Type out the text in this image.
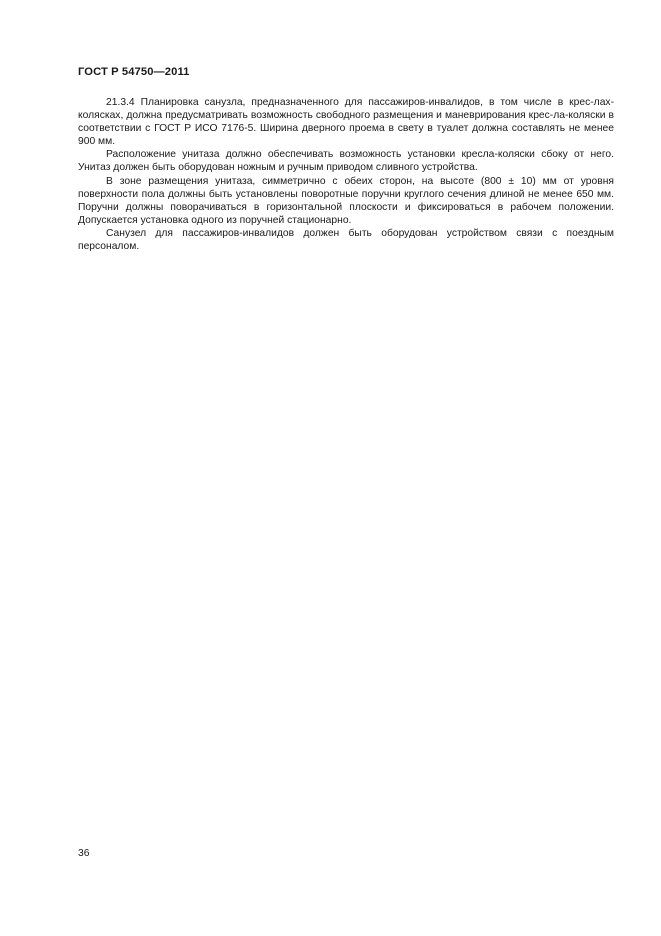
ГОСТ Р 54750—2011

21.3.4 Планировка санузла, предназначенного для пассажиров-инвалидов, в том числе в крес-лах-колясках, должна предусматривать возможность свободного размещения и маневрирования крес-ла-коляски в соответствии с ГОСТ Р ИСО 7176-5. Ширина дверного проема в свету в туалет должна составлять не менее 900 мм.

Расположение унитаза должно обеспечивать возможность установки кресла-коляски сбоку от него. Унитаз должен быть оборудован ножным и ручным приводом сливного устройства.

В зоне размещения унитаза, симметрично с обеих сторон, на высоте (800 ± 10) мм от уровня поверхности пола должны быть установлены поворотные поручни круглого сечения длиной не менее 650 мм. Поручни должны поворачиваться в горизонтальной плоскости и фиксироваться в рабочем положении. Допускается установка одного из поручней стационарно.

Санузел для пассажиров-инвалидов должен быть оборудован устройством связи с поездным персоналом.

36
